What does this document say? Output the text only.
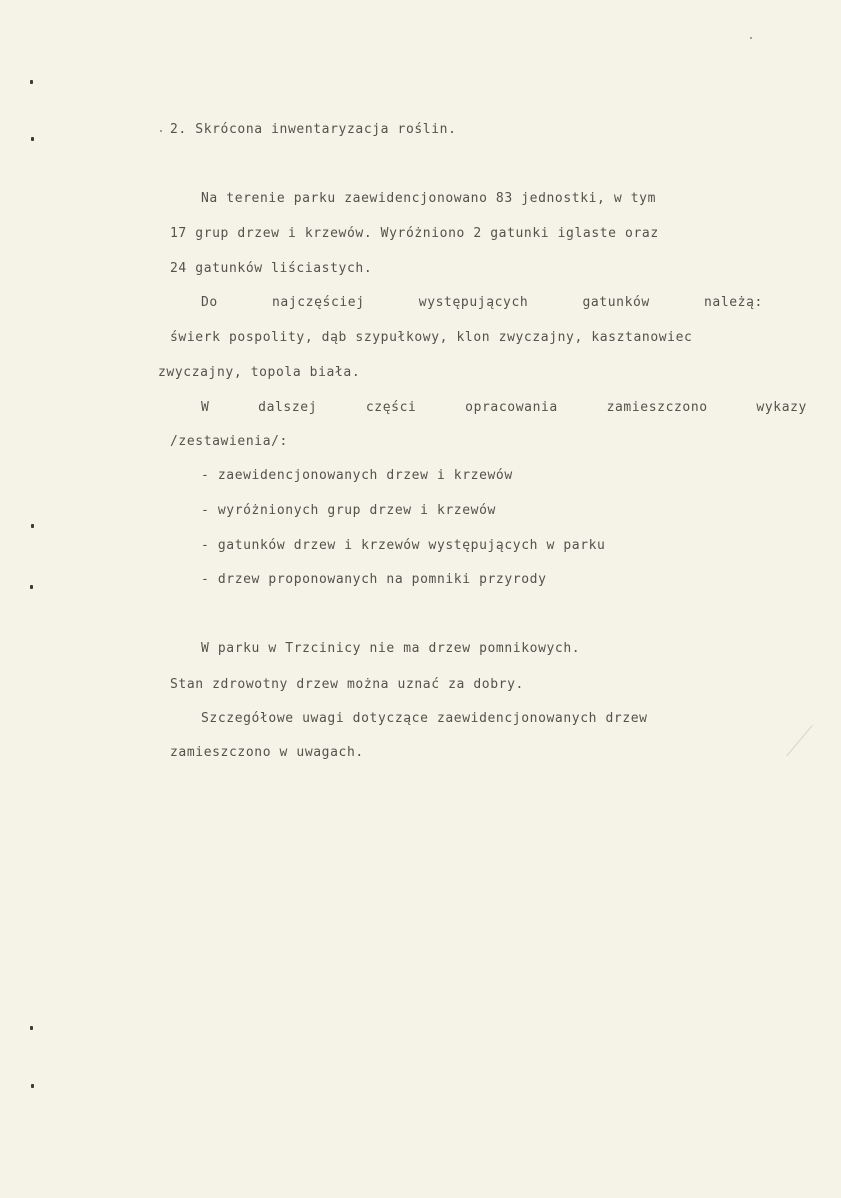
2. Skrócona inwentaryzacja roślin.
Na terenie parku zaewidencjonowano 83 jednostki, w tym
17 grup drzew i krzewów. Wyróżniono 2 gatunki iglaste oraz
24 gatunków liściastych.
Do	najczęściej	występujących	gatunków	należą:
świerk pospolity, dąb szypułkowy, klon zwyczajny, kasztanowiec
zwyczajny, topola biała.
W	dalszej	części	opracowania	zamieszczono	wykazy
/zestawienia/:
- zaewidencjonowanych drzew i krzewów
- wyróżnionych grup drzew i krzewów
- gatunków drzew i krzewów występujących w parku
- drzew proponowanych na pomniki przyrody
W parku w Trzcinicy nie ma drzew pomnikowych.
Stan zdrowotny drzew można uznać za dobry.
Szczegółowe uwagi dotyczące zaewidencjonowanych drzew
zamieszczono w uwagach.
